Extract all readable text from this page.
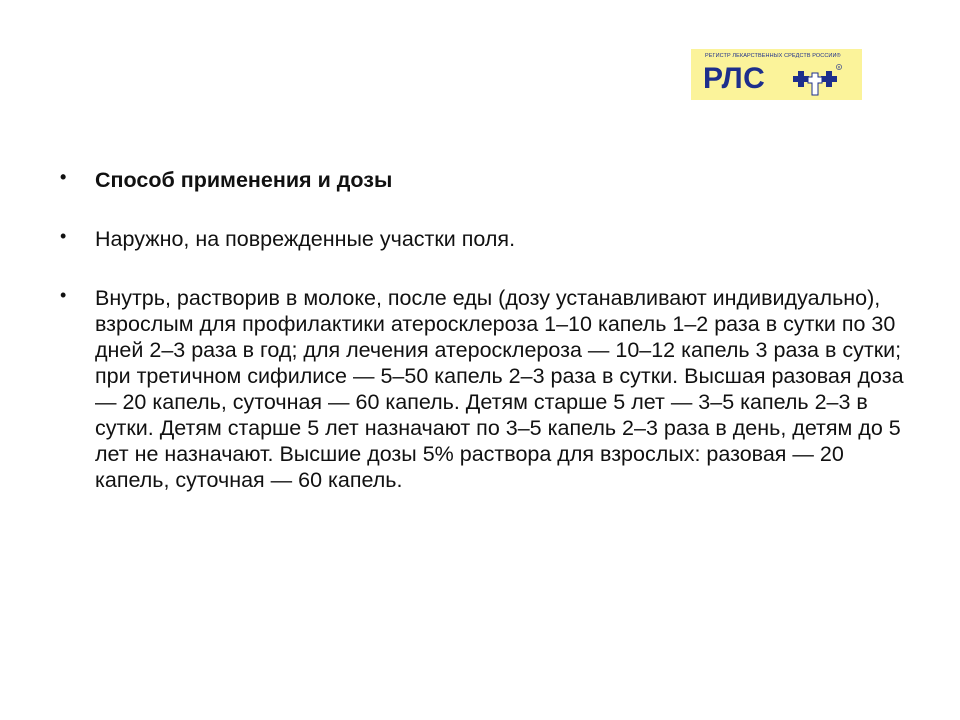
РЕГИСТР ЛЕКАРСТВЕННЫХ СРЕДСТВ РОССИИ®
РЛС	R
• Способ применения и дозы
• Наружно, на поврежденные участки поля.
• Внутрь, растворив в молоке, после еды (дозу устанавливают индивидуально), взрослым для профилактики атеросклероза 1–10 капель 1–2 раза в сутки по 30 дней 2–3 раза в год; для лечения атеросклероза — 10–12 капель 3 раза в сутки; при третичном сифилисе — 5–50 капель 2–3 раза в сутки. Высшая разовая доза — 20 капель, суточная — 60 капель. Детям старше 5 лет — 3–5 капель 2–3 в сутки. Детям старше 5 лет назначают по 3–5 капель 2–3 раза в день, детям до 5 лет не назначают. Высшие дозы 5% раствора для взрослых: разовая — 20 капель, суточная — 60 капель.
